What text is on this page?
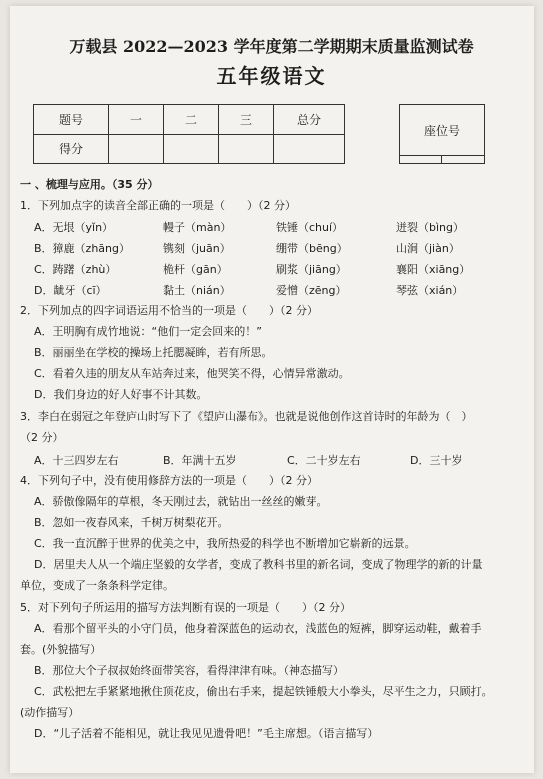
万载县 2022—2023 学年度第二学期期末质量监测试卷
五年级语文
题号	一	二	三	总分
得分				
座位号

一 、梳理与应用。（35 分）
1．下列加点字的读音全部正确的一项是（　　）（2 分）
A．无垠（yǐn）	幔子（màn）	铁锤（chuí）	迸裂（bìng）
B．獐鹿（zhāng）	镌刻（juān）	绷带（bēng）	山涧（jiàn）
C．踌躇（zhù）	桅杆（gān）	刷浆（jiāng）	襄阳（xiāng）
D．龇牙（cī）	黏土（nián）	爱憎（zēng）	琴弦（xián）
2．下列加点的四字词语运用不恰当的一项是（　　）（2 分）
A．王明胸有成竹地说：“他们一定会回来的！”
B．丽丽坐在学校的操场上托腮凝眸，若有所思。
C．看着久违的朋友从车站奔过来，他哭笑不得，心情异常激动。
D．我们身边的好人好事不计其数。
3．李白在弱冠之年登庐山时写下了《望庐山瀑布》。也就是说他创作这首诗时的年龄为（　）
（2 分）
A．十三四岁左右	B．年满十五岁	C．二十岁左右	D．三十岁
4．下列句子中，没有使用修辞方法的一项是（　　）（2 分）
A．骄傲像隔年的草根，冬天刚过去，就钻出一丝丝的嫩芽。
B．忽如一夜春风来，千树万树梨花开。
C．我一直沉醉于世界的优美之中，我所热爱的科学也不断增加它崭新的远景。
D．居里夫人从一个端庄坚毅的女学者，变成了教科书里的新名词，变成了物理学的新的计量
单位，变成了一条条科学定律。
5．对下列句子所运用的描写方法判断有误的一项是（　　）（2 分）
A．看那个留平头的小守门员，他身着深蓝色的运动衣，浅蓝色的短裤，脚穿运动鞋，戴着手
套。(外貌描写）
B．那位大个子叔叔始终面带笑容，看得津津有味。（神态描写）
C．武松把左手紧紧地揪住顶花皮，偷出右手来，提起铁锤般大小拳头，尽平生之力，只顾打。
(动作描写）
D．“儿子活着不能相见，就让我见见遗骨吧！”毛主席想。（语言描写）
